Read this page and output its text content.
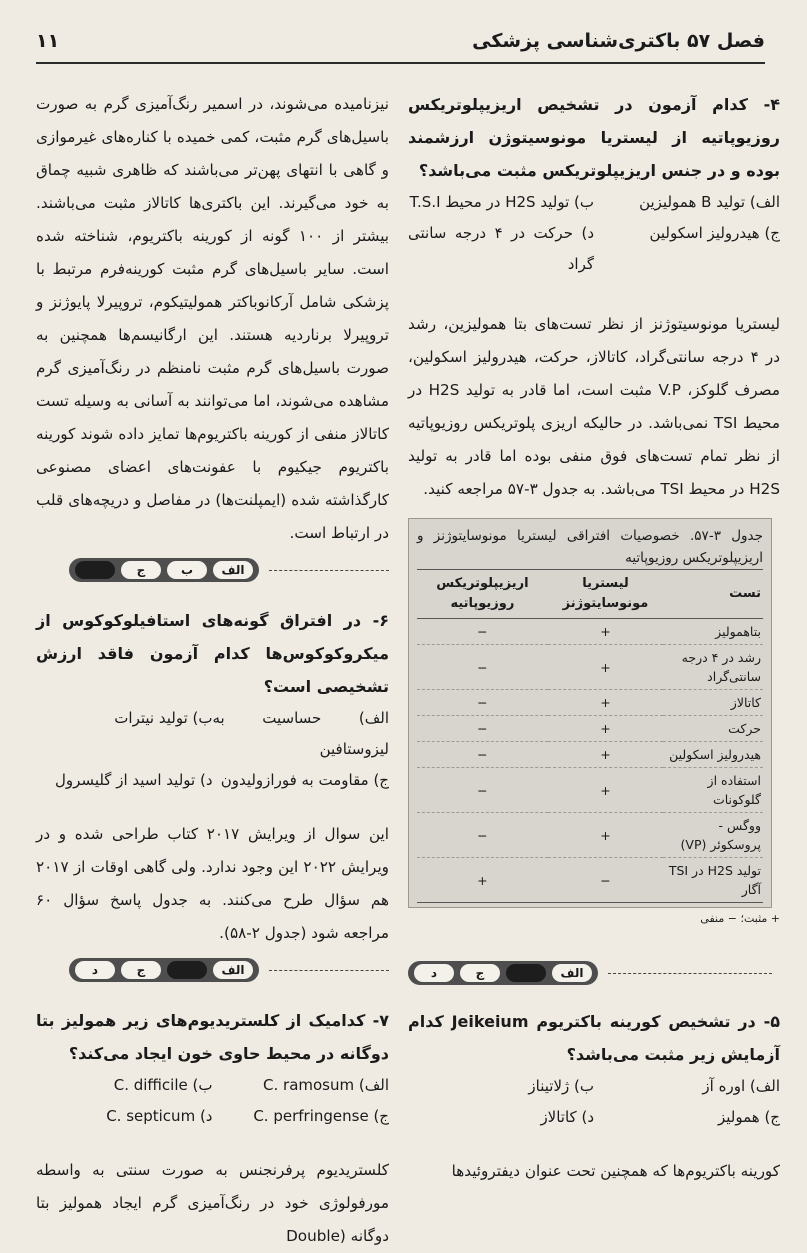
فصل ۵۷ باکتری‌شناسی پزشکی
۱۱

۴- کدام آزمون در تشخیص اریزیپلوتریکس روزیوپاتیه از لیستریا مونوسیتوژن ارزشمند بوده و در جنس اریزیپلوتریکس مثبت می‌باشد؟

الف) تولید B همولیزین
ب) تولید H2S در محیط T.S.I
ج) هیدرولیز اسکولین
د) حرکت در ۴ درجه سانتی گراد

لیستریا مونوسیتوژنز از نظر تست‌های بتا همولیزین، رشد در ۴ درجه سانتی‌گراد، کاتالاز، حرکت، هیدرولیز اسکولین، مصرف گلوکز، V.P مثبت است، اما قادر به تولید H2S در محیط TSI نمی‌باشد. در حالیکه اریزی پلوتریکس روزیوپاتیه از نظر تمام تست‌های فوق منفی بوده اما قادر به تولید H2S در محیط TSI می‌باشد. به جدول ۳-۵۷ مراجعه کنید.

جدول ۳-۵۷. خصوصیات افتراقی لیستریا مونوسایتوژنز و اریزیپلوتریکس روزیوپاتیه
تست	لیستریا مونوسایتوژنز	اریزیپلوتریکس روزیوپاتیه
بتاهمولیز	+	−
رشد در ۴ درجه سانتی‌گراد	+	−
کاتالاز	+	−
حرکت	+	−
هیدرولیز اسکولین	+	−
استفاده از گلوکونات	+	−
ووگس - پروسکوئر (VP)	+	−
تولید H2S در TSI آگار	−	+
+ مثبت؛ − منفی
الف
ب
ج
د

۵- در تشخیص کورینه باکتریوم Jeikeium کدام آزمایش زیر مثبت می‌باشد؟

الف) اوره آز
ب) ژلاتیناز
ج) همولیز
د) کاتالاز

کورینه باکتریوم‌ها که همچنین تحت عنوان دیفتروئیدها

نیزنامیده می‌شوند، در اسمیر رنگ‌آمیزی گرم به صورت باسیل‌های گرم مثبت، کمی خمیده با کناره‌های غیرموازی و گاهی با انتهای پهن‌تر می‌باشند که ظاهری شبیه چماق به خود می‌گیرند. این باکتری‌ها کاتالاز مثبت می‌باشند. بیشتر از ۱۰۰ گونه از کورینه باکتریوم، شناخته شده است. سایر باسیل‌های گرم مثبت کورینه‌فرم مرتبط با پزشکی شامل آرکانوباکتر همولیتیکوم، تروپیرلا پایوژنز و تروپیرلا برناردیه هستند. این ارگانیسم‌ها همچنین به صورت باسیل‌های گرم مثبت نامنظم در رنگ‌آمیزی گرم مشاهده می‌شوند، اما می‌توانند به آسانی به وسیله تست کاتالاز منفی از کورینه باکتریوم‌ها تمایز داده شوند کورینه باکتریوم جیکیوم با عفونت‌های اعضای مصنوعی کارگذاشته شده (ایمپلنت‌ها) در مفاصل و دریچه‌های قلب در ارتباط است.

الف
ب
ج
د

۶- در افتراق گونه‌های استافیلوکوکوس از میکروکوکوس‌ها کدام آزمون فاقد ارزش تشخیصی است؟

الف) حساسیت به لیزوستافین
ب) تولید نیترات
ج) مقاومت به فورازولیدون
د) تولید اسید از گلیسرول

این سوال از ویرایش ۲۰۱۷ کتاب طراحی شده و در ویرایش ۲۰۲۲ این وجود ندارد. ولی گاهی اوقات از ۲۰۱۷ هم سؤال طرح می‌کنند. به جدول پاسخ سؤال ۶۰ مراجعه شود (جدول ۲-۵۸).

الف
ب
ج
د

۷- کدامیک از کلستریدیوم‌های زیر همولیز بتا دوگانه در محیط حاوی خون ایجاد می‌کند؟

الف) C. ramosum
ب) C. difficile
ج) C. perfringense
د) C. septicum

کلستریدیوم پرفرنجنس به صورت سنتی به واسطه مورفولوژی خود در رنگ‌آمیزی گرم ایجاد همولیز بتا دوگانه (Double
